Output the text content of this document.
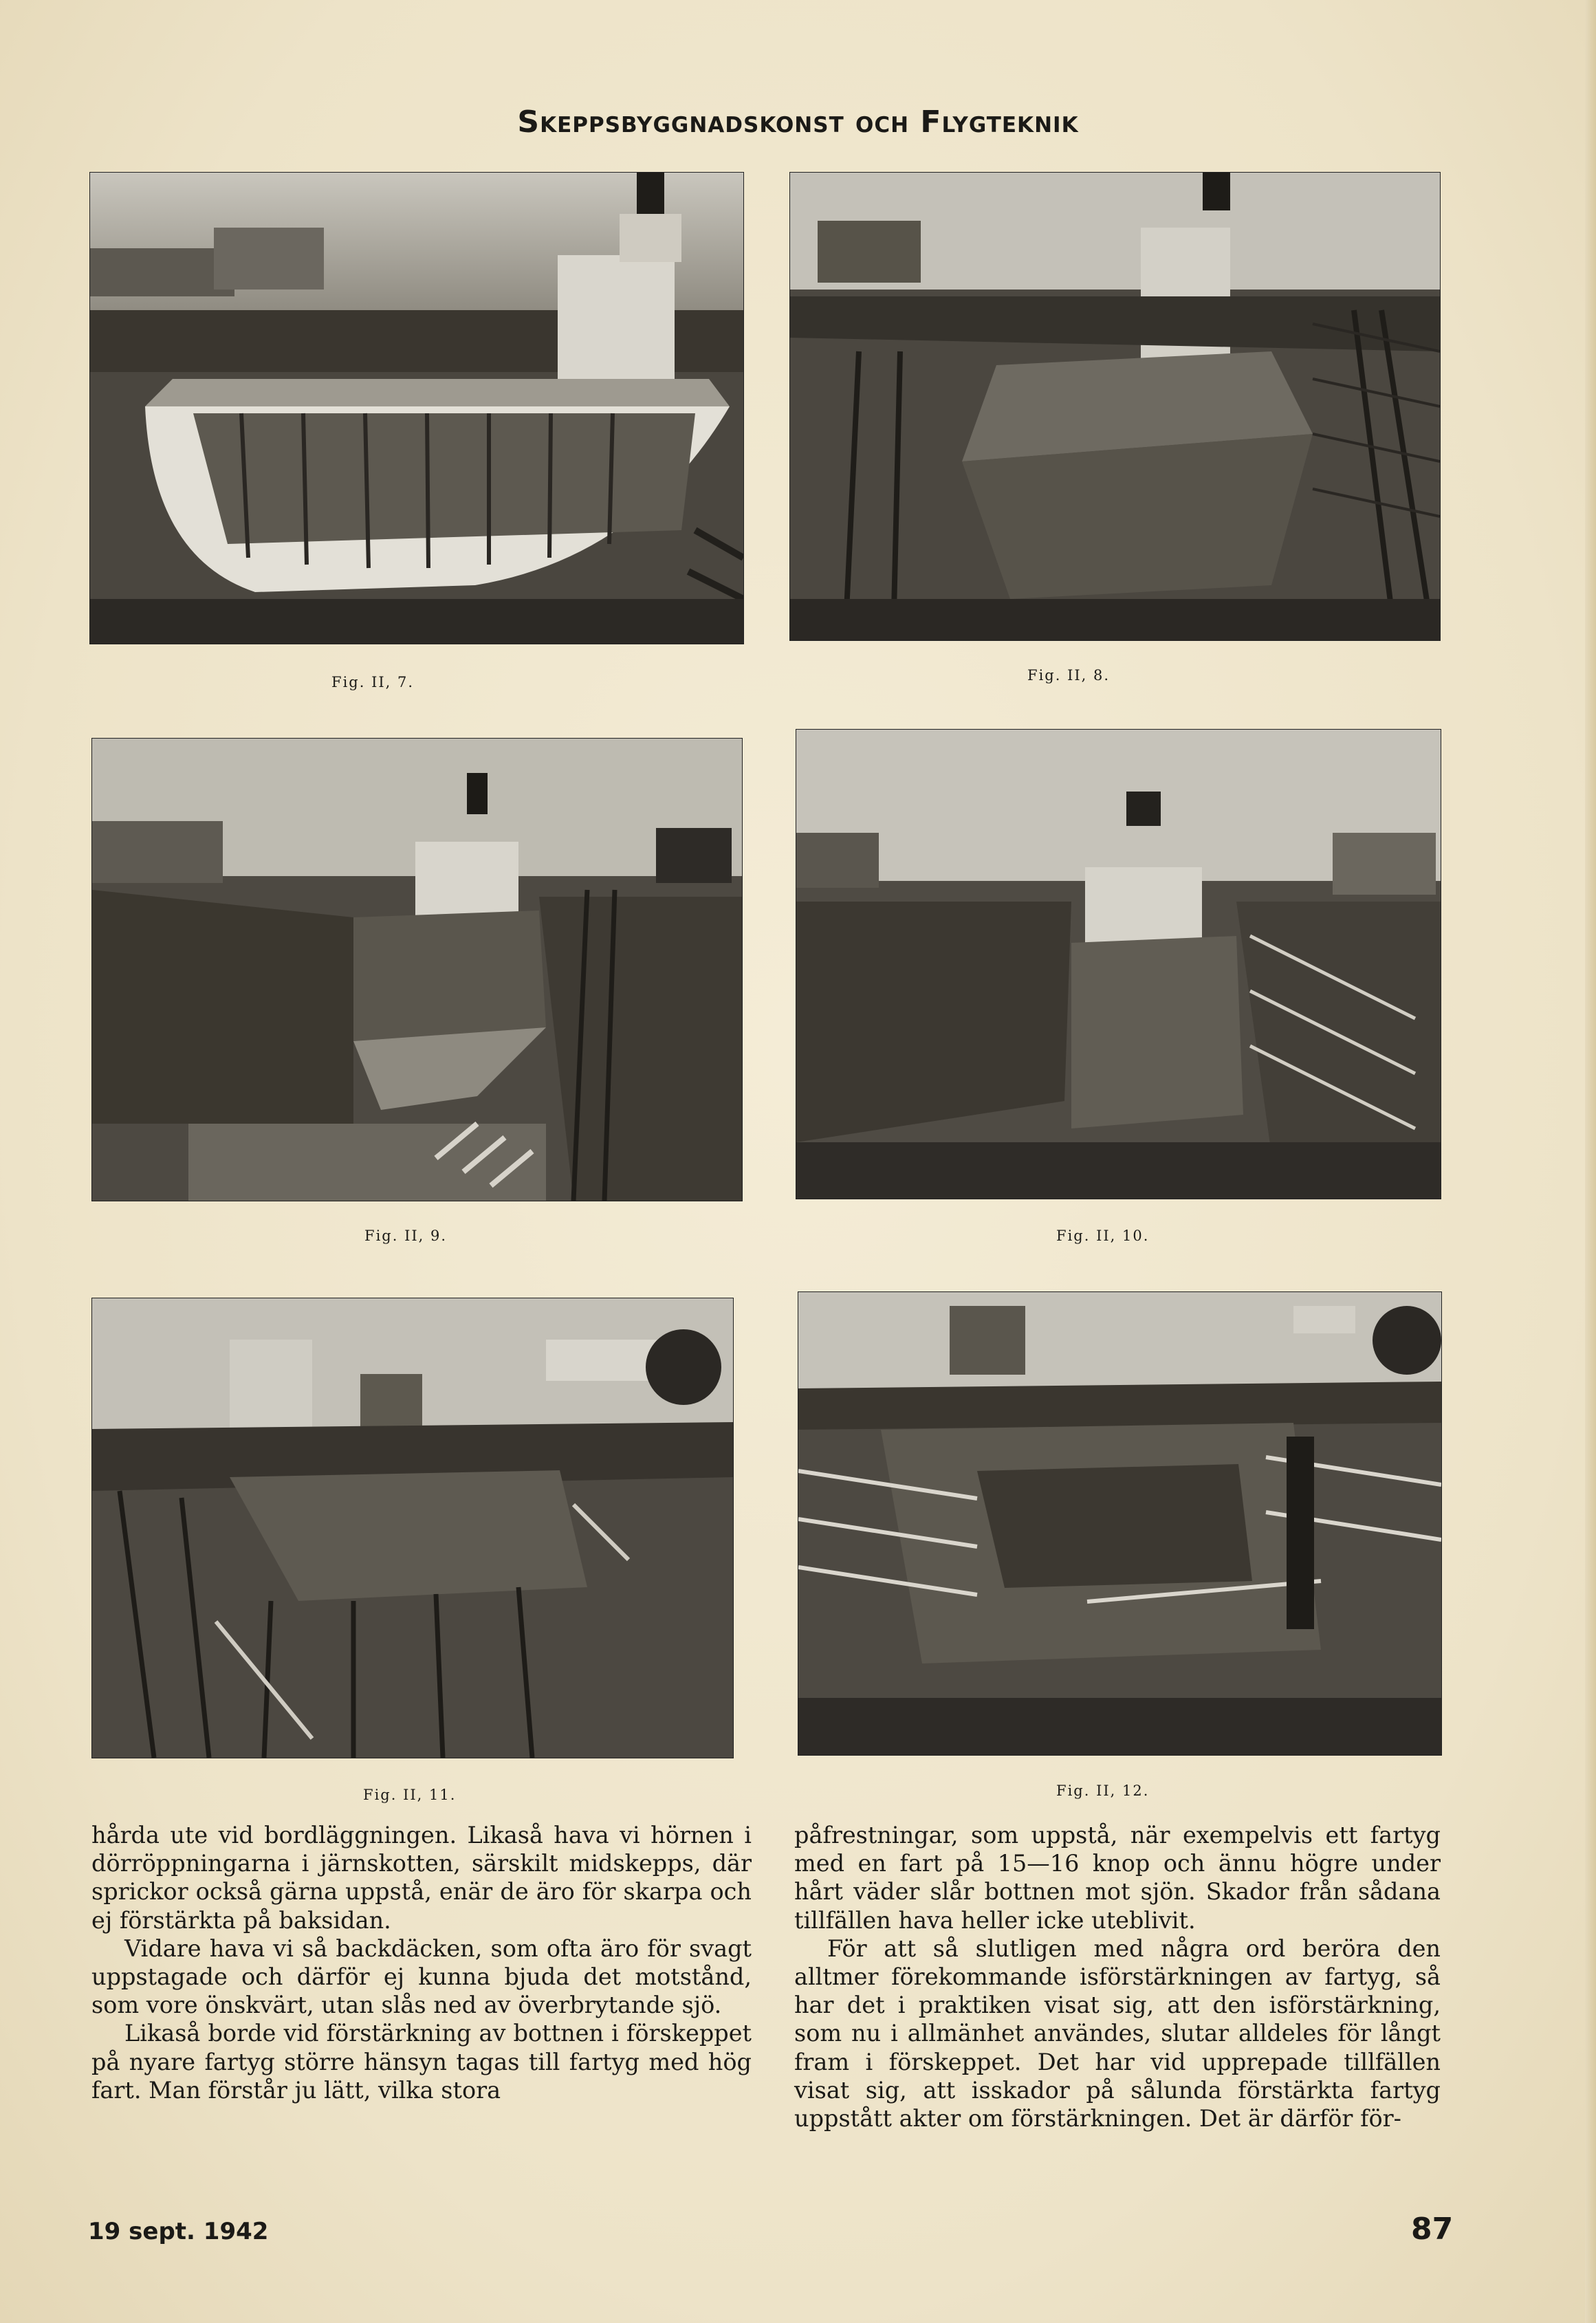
Skeppsbyggnadskonst och Flygteknik
Fig. II, 7.	Fig. II, 8.
Fig. II, 9.	Fig. II, 10.
Fig. II, 11.	Fig. II, 12.

hårda ute vid bordläggningen. Likaså hava vi hörnen i dörröppningarna i järnskotten, särskilt midskepps, där sprickor också gärna uppstå, enär de äro för skarpa och ej förstärkta på baksidan.

Vidare hava vi så backdäcken, som ofta äro för svagt uppstagade och därför ej kunna bjuda det motstånd, som vore önskvärt, utan slås ned av överbrytande sjö.

Likaså borde vid förstärkning av bottnen i förskeppet på nyare fartyg större hänsyn tagas till fartyg med hög fart. Man förstår ju lätt, vilka stora

påfrestningar, som uppstå, när exempelvis ett fartyg med en fart på 15—16 knop och ännu högre under hårt väder slår bottnen mot sjön. Skador från sådana tillfällen hava heller icke uteblivit.

För att så slutligen med några ord beröra den alltmer förekommande isförstärkningen av fartyg, så har det i praktiken visat sig, att den isförstärkning, som nu i allmänhet användes, slutar alldeles för långt fram i förskeppet. Det har vid upprepade tillfällen visat sig, att isskador på sålunda förstärkta fartyg uppstått akter om förstärkningen. Det är därför för-

19 sept. 1942	87
